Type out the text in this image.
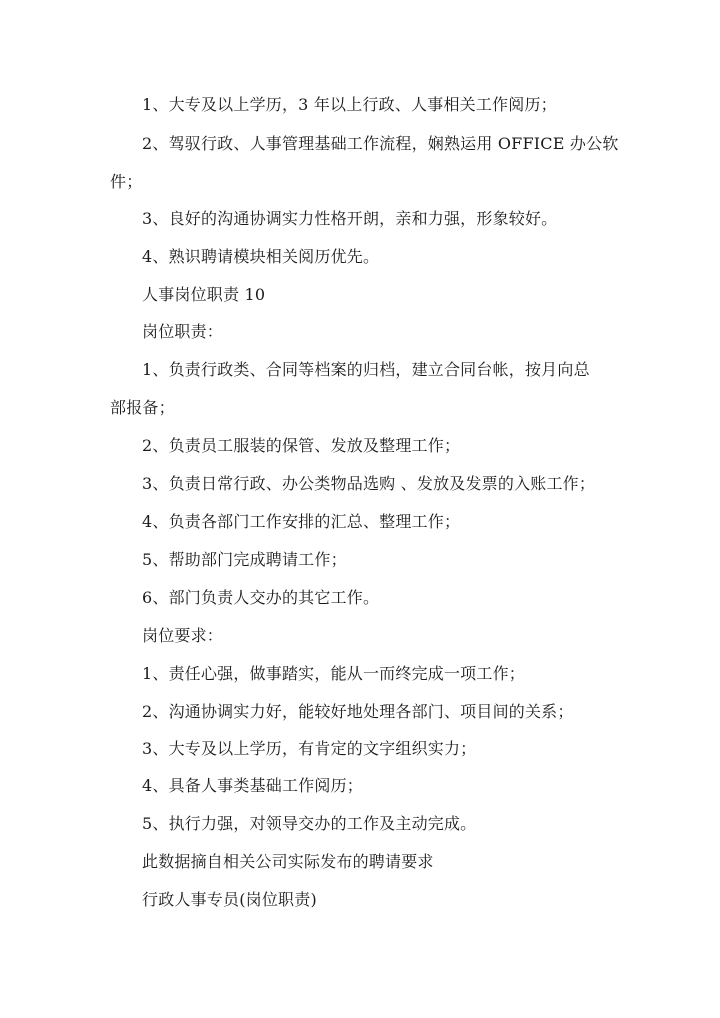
1、大专及以上学历，3 年以上行政、人事相关工作阅历；
2、驾驭行政、人事管理基础工作流程，娴熟运用 OFFICE 办公软
件；
3、良好的沟通协调实力性格开朗，亲和力强，形象较好。
4、熟识聘请模块相关阅历优先。
人事岗位职责 10
岗位职责：
1、负责行政类、合同等档案的归档，建立合同台帐，按月向总
部报备；
2、负责员工服装的保管、发放及整理工作；
3、负责日常行政、办公类物品选购 、发放及发票的入账工作；
4、负责各部门工作安排的汇总、整理工作；
5、帮助部门完成聘请工作；
6、部门负责人交办的其它工作。
岗位要求：
1、责任心强，做事踏实，能从一而终完成一项工作；
2、沟通协调实力好，能较好地处理各部门、项目间的关系；
3、大专及以上学历，有肯定的文字组织实力；
4、具备人事类基础工作阅历；
5、执行力强，对领导交办的工作及主动完成。
此数据摘自相关公司实际发布的聘请要求
行政人事专员(岗位职责)
